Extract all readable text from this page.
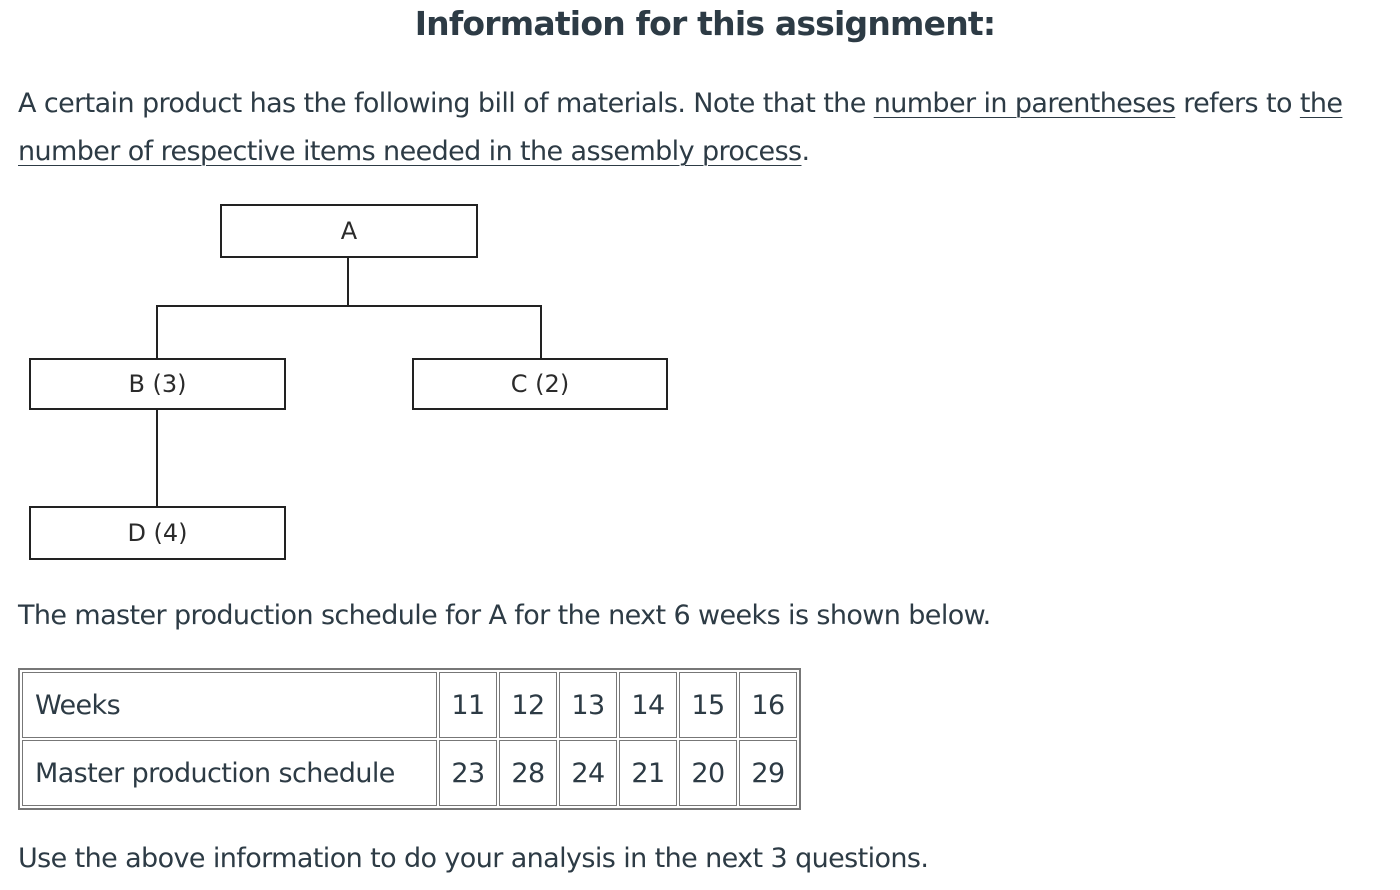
Information for this assignment:

A certain product has the following bill of materials. Note that the number in parentheses refers to the number of respective items needed in the assembly process.

A
B (3)	C (2)
D (4)

The master production schedule for A for the next 6 weeks is shown below.

Weeks	11	12	13	14	15	16
Master production schedule	23	28	24	21	20	29

Use the above information to do your analysis in the next 3 questions.
